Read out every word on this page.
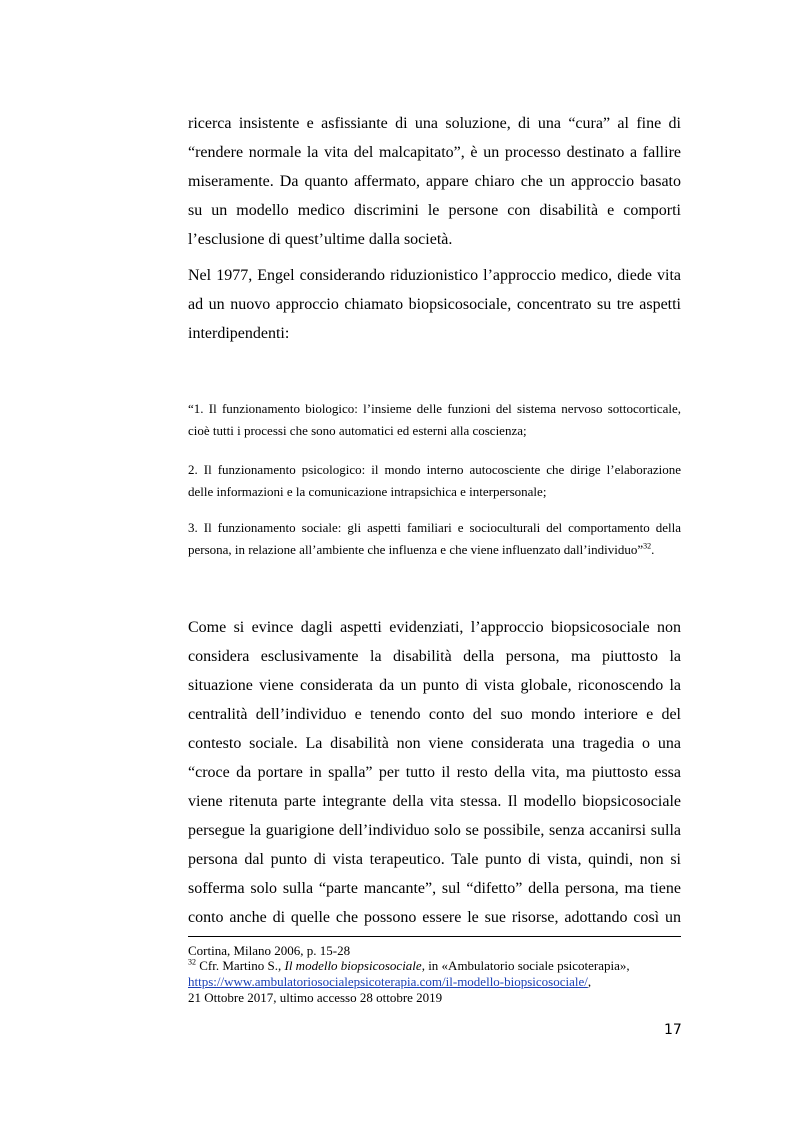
ricerca insistente e asfissiante di una soluzione, di una “cura” al fine di
“rendere normale la vita del malcapitato”, è un processo destinato a fallire
miseramente. Da quanto affermato, appare chiaro che un approccio basato
su un modello medico discrimini le persone con disabilità e comporti
l’esclusione di quest’ultime dalla società.

Nel 1977, Engel considerando riduzionistico l’approccio medico, diede vita
ad un nuovo approccio chiamato biopsicosociale, concentrato su tre aspetti
interdipendenti:

“1. Il funzionamento biologico: l’insieme delle funzioni del sistema nervoso sottocorticale,
cioè tutti i processi che sono automatici ed esterni alla coscienza;

2. Il funzionamento psicologico: il mondo interno autocosciente che dirige l’elaborazione
delle informazioni e la comunicazione intrapsichica e interpersonale;

3. Il funzionamento sociale: gli aspetti familiari e socioculturali del comportamento della
persona, in relazione all’ambiente che influenza e che viene influenzato dall’individuo”$^{32}$.

Come si evince dagli aspetti evidenziati, l’approccio biopsicosociale non
considera esclusivamente la disabilità della persona, ma piuttosto la
situazione viene considerata da un punto di vista globale, riconoscendo la
centralità dell’individuo e tenendo conto del suo mondo interiore e del
contesto sociale. La disabilità non viene considerata una tragedia o una
“croce da portare in spalla” per tutto il resto della vita, ma piuttosto essa
viene ritenuta parte integrante della vita stessa. Il modello biopsicosociale
persegue la guarigione dell’individuo solo se possibile, senza accanirsi sulla
persona dal punto di vista terapeutico. Tale punto di vista, quindi, non si
sofferma solo sulla “parte mancante”, sul “difetto” della persona, ma tiene
conto anche di quelle che possono essere le sue risorse, adottando così un

Cortina, Milano 2006, p. 15-28

$^{32}$ Cfr. Martino S., Il modello biopsicosociale, in «Ambulatorio sociale psicoterapia»,

https://www.ambulatoriosocialepsicoterapia.com/il-modello-biopsicosociale/,

21 Ottobre 2017, ultimo accesso 28 ottobre 2019

17
